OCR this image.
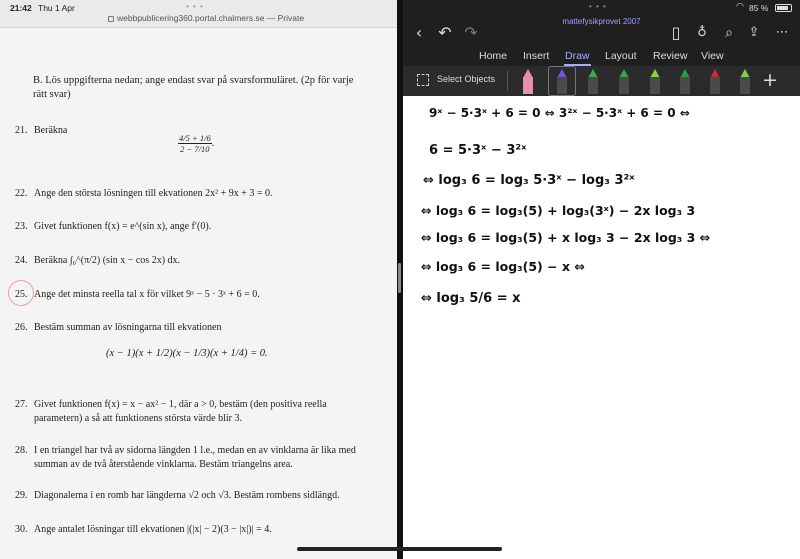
21:42 Thu 1 Apr	• • •
webbpublicering360.portal.chalmers.se — Private
B. Lös uppgifterna nedan; ange endast svar på svarsformuläret. (2p för varje rätt svar)
21. Beräkna
$\frac{4/5 + 1/6}{2 - 7/10}$ .
22. Ange den största lösningen till ekvationen 2x² + 9x + 3 = 0.
23. Givet funktionen f(x) = e^(sin x), ange f′(0).
24. Beräkna ∫₀^(π/2) (sin x − cos 2x) dx.
25. Ange det minsta reella tal x för vilket 9ˣ − 5 · 3ˣ + 6 = 0.
26. Bestäm summan av lösningarna till ekvationen
(x − 1)(x + 1/2)(x − 1/3)(x + 1/4) = 0.
27. Givet funktionen f(x) = x − ax² − 1, där a > 0, bestäm (den positiva reella parametern) a så att funktionens största värde blir 3.
28. I en triangel har två av sidorna längden 1 l.e., medan en av vinklarna är lika med summan av de två återstående vinklarna. Bestäm triangelns area.
29. Diagonalerna i en romb har längderna √2 och √3. Bestäm rombens sidlängd.
30. Ange antalet lösningar till ekvationen |(|x| − 2)(3 − |x|)| = 4.
• • •	◠ 85 %
mattefysikprovet 2007
‹	↶ ↷	▯	♁	⌕	⇪	⋯
Home Insert Draw Layout Review View
Select Objects	+
9ˣ − 5·3ˣ + 6 = 0 ⇔ 3²ˣ − 5·3ˣ + 6 = 0 ⇔
6 = 5·3ˣ − 3²ˣ
⇔ log₃ 6 = log₃ 5·3ˣ − log₃ 3²ˣ
⇔ log₃ 6 = log₃(5) + log₃(3ˣ) − 2x log₃ 3
⇔ log₃ 6 = log₃(5) + x log₃ 3 − 2x log₃ 3 ⇔
⇔ log₃ 6 = log₃(5) − x ⇔
⇔ log₃ 5/6 = x
